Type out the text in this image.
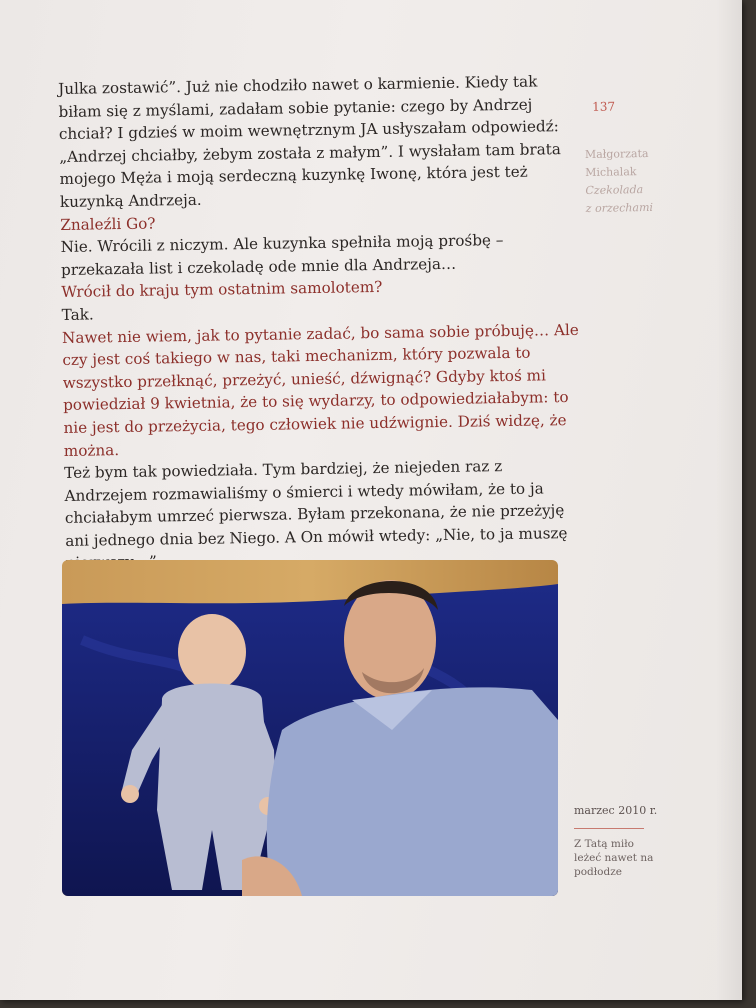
Julka zostawić”. Już nie chodziło nawet o karmienie. Kiedy tak biłam się z myślami, zadałam sobie pytanie: czego by Andrzej chciał? I gdzieś w moim wewnętrznym JA usłyszałam odpowiedź: „Andrzej chciałby, żebym została z małym”. I wysłałam tam brata mojego Męża i moją serdeczną kuzynkę Iwonę, która jest też kuzynką Andrzeja.

Znaleźli Go?

Nie. Wrócili z niczym. Ale kuzynka spełniła moją prośbę – przekazała list i czekoladę ode mnie dla Andrzeja…

Wrócił do kraju tym ostatnim samolotem?

Tak.

Nawet nie wiem, jak to pytanie zadać, bo sama sobie próbuję… Ale czy jest coś takiego w nas, taki mechanizm, który pozwala to wszystko przełknąć, przeżyć, unieść, dźwignąć? Gdyby ktoś mi powiedział 9 kwietnia, że to się wydarzy, to odpowiedziałabym: to nie jest do przeżycia, tego człowiek nie udźwignie. Dziś widzę, że można.

Też bym tak powiedziała. Tym bardziej, że niejeden raz z Andrzejem rozmawialiśmy o śmierci i wtedy mówiłam, że to ja chciałabym umrzeć pierwsza. Byłam przekonana, że nie przeżyję ani jednego dnia bez Niego. A On mówił wtedy: „Nie, to ja muszę

137
Małgorzata
Michalak
Czekolada
z orzechami
marzec 2010 r.
Z Tatą miło leżeć nawet na podłodze
